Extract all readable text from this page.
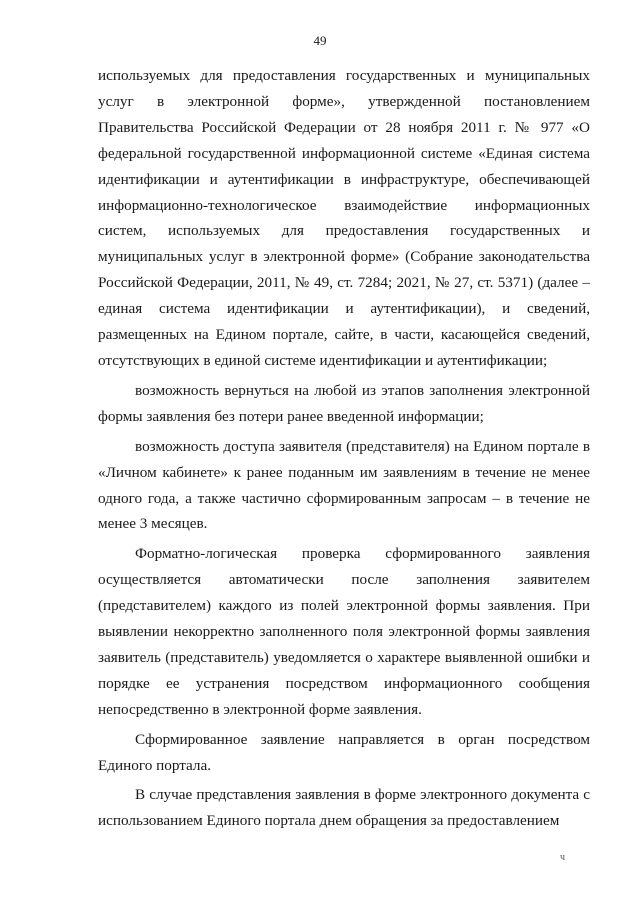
49

используемых для предоставления государственных и муниципальных услуг в электронной форме», утвержденной постановлением Правительства Российской Федерации от 28 ноября 2011 г. № 977 «О федеральной государственной информационной системе «Единая система идентификации и аутентификации в инфраструктуре, обеспечивающей информационно-технологическое взаимодействие информационных систем, используемых для предоставления государственных и муниципальных услуг в электронной форме» (Собрание законодательства Российской Федерации, 2011, № 49, ст. 7284; 2021, № 27, ст. 5371) (далее – единая система идентификации и аутентификации), и сведений, размещенных на Едином портале, сайте, в части, касающейся сведений, отсутствующих в единой системе идентификации и аутентификации;

возможность вернуться на любой из этапов заполнения электронной формы заявления без потери ранее введенной информации;

возможность доступа заявителя (представителя) на Едином портале в «Личном кабинете» к ранее поданным им заявлениям в течение не менее одного года, а также частично сформированным запросам – в течение не менее 3 месяцев.

Форматно-логическая проверка сформированного заявления осуществляется автоматически после заполнения заявителем (представителем) каждого из полей электронной формы заявления. При выявлении некорректно заполненного поля электронной формы заявления заявитель (представитель) уведомляется о характере выявленной ошибки и порядке ее устранения посредством информационного сообщения непосредственно в электронной форме заявления.

Сформированное заявление направляется в орган посредством Единого портала.

В случае представления заявления в форме электронного документа с использованием Единого портала днем обращения за предоставлением

ч
